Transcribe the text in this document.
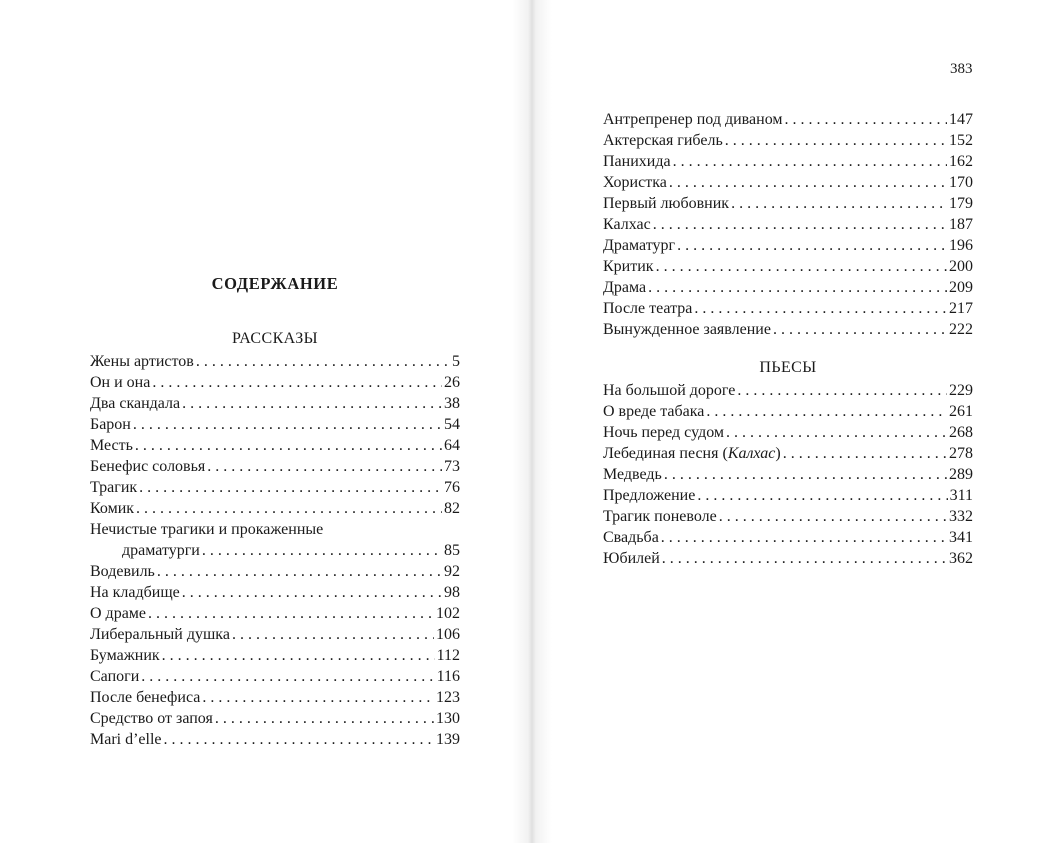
383
СОДЕРЖАНИЕ
РАССКАЗЫ
Жены артистов . . .	5
Он и она . . .	26
Два скандала . . .	38
Барон . . .	54
Месть . . .	64
Бенефис соловья . . .	73
Трагик . . .	76
Комик . . .	82
Нечистые трагики и прокаженные
драматурги . . .	85
Водевиль . . .	92
На кладбище . . .	98
О драме . . .	102
Либеральный душка . . .	106
Бумажник . . .	112
Сапоги . . .	116
После бенефиса . . .	123
Средство от запоя . . .	130
Mari d’elle . . .	139
Антрепренер под диваном . . .	147
Актерская гибель . . .	152
Панихида . . .	162
Хористка . . .	170
Первый любовник . . .	179
Калхас . . .	187
Драматург . . .	196
Критик . . .	200
Драма . . .	209
После театра . . .	217
Вынужденное заявление . . .	222
ПЬЕСЫ
На большой дороге . . .	229
О вреде табака . . .	261
Ночь перед судом . . .	268
Лебединая песня (Калхас) . . .	278
Медведь . . .	289
Предложение . . .	311
Трагик поневоле . . .	332
Свадьба . . .	341
Юбилей . . .	362
